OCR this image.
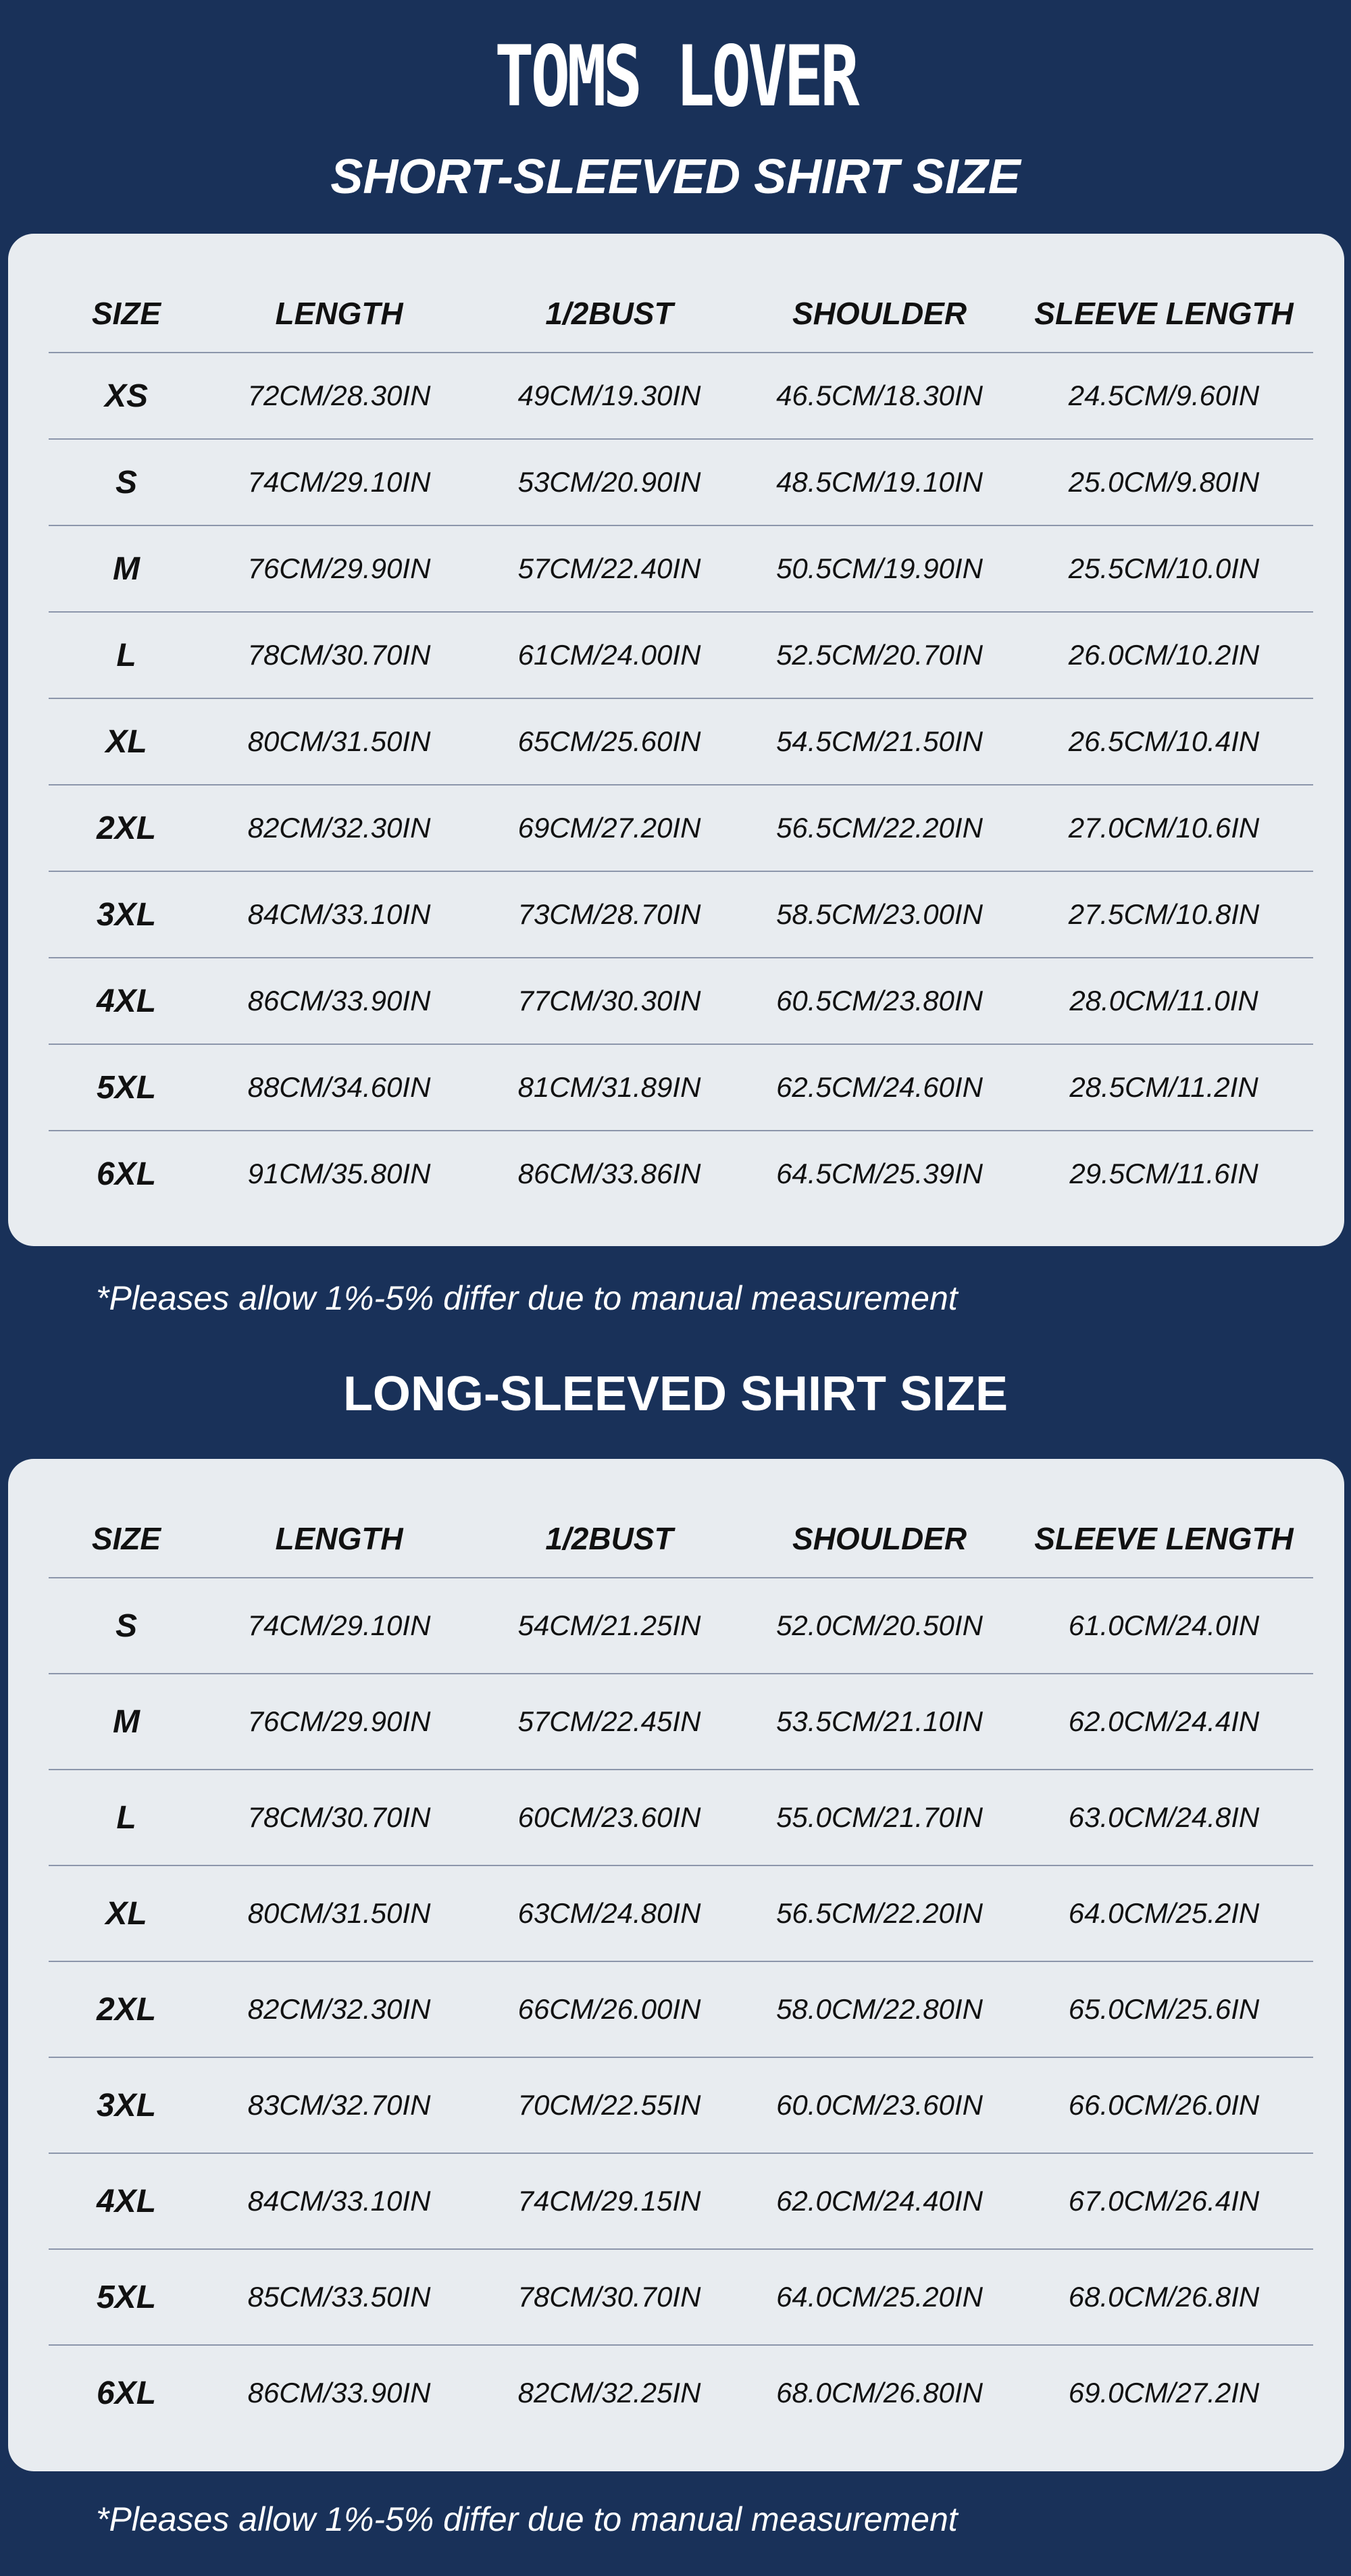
TOMS LOVER
SHORT-SLEEVED SHIRT SIZE
SIZE	LENGTH	1/2BUST	SHOULDER	SLEEVE LENGTH
XS	72CM/28.30IN	49CM/19.30IN	46.5CM/18.30IN	24.5CM/9.60IN
S	74CM/29.10IN	53CM/20.90IN	48.5CM/19.10IN	25.0CM/9.80IN
M	76CM/29.90IN	57CM/22.40IN	50.5CM/19.90IN	25.5CM/10.0IN
L	78CM/30.70IN	61CM/24.00IN	52.5CM/20.70IN	26.0CM/10.2IN
XL	80CM/31.50IN	65CM/25.60IN	54.5CM/21.50IN	26.5CM/10.4IN
2XL	82CM/32.30IN	69CM/27.20IN	56.5CM/22.20IN	27.0CM/10.6IN
3XL	84CM/33.10IN	73CM/28.70IN	58.5CM/23.00IN	27.5CM/10.8IN
4XL	86CM/33.90IN	77CM/30.30IN	60.5CM/23.80IN	28.0CM/11.0IN
5XL	88CM/34.60IN	81CM/31.89IN	62.5CM/24.60IN	28.5CM/11.2IN
6XL	91CM/35.80IN	86CM/33.86IN	64.5CM/25.39IN	29.5CM/11.6IN
*Pleases allow 1%-5% differ due to manual measurement
LONG-SLEEVED SHIRT SIZE
SIZE	LENGTH	1/2BUST	SHOULDER	SLEEVE LENGTH
S	74CM/29.10IN	54CM/21.25IN	52.0CM/20.50IN	61.0CM/24.0IN
M	76CM/29.90IN	57CM/22.45IN	53.5CM/21.10IN	62.0CM/24.4IN
L	78CM/30.70IN	60CM/23.60IN	55.0CM/21.70IN	63.0CM/24.8IN
XL	80CM/31.50IN	63CM/24.80IN	56.5CM/22.20IN	64.0CM/25.2IN
2XL	82CM/32.30IN	66CM/26.00IN	58.0CM/22.80IN	65.0CM/25.6IN
3XL	83CM/32.70IN	70CM/22.55IN	60.0CM/23.60IN	66.0CM/26.0IN
4XL	84CM/33.10IN	74CM/29.15IN	62.0CM/24.40IN	67.0CM/26.4IN
5XL	85CM/33.50IN	78CM/30.70IN	64.0CM/25.20IN	68.0CM/26.8IN
6XL	86CM/33.90IN	82CM/32.25IN	68.0CM/26.80IN	69.0CM/27.2IN
*Pleases allow 1%-5% differ due to manual measurement
